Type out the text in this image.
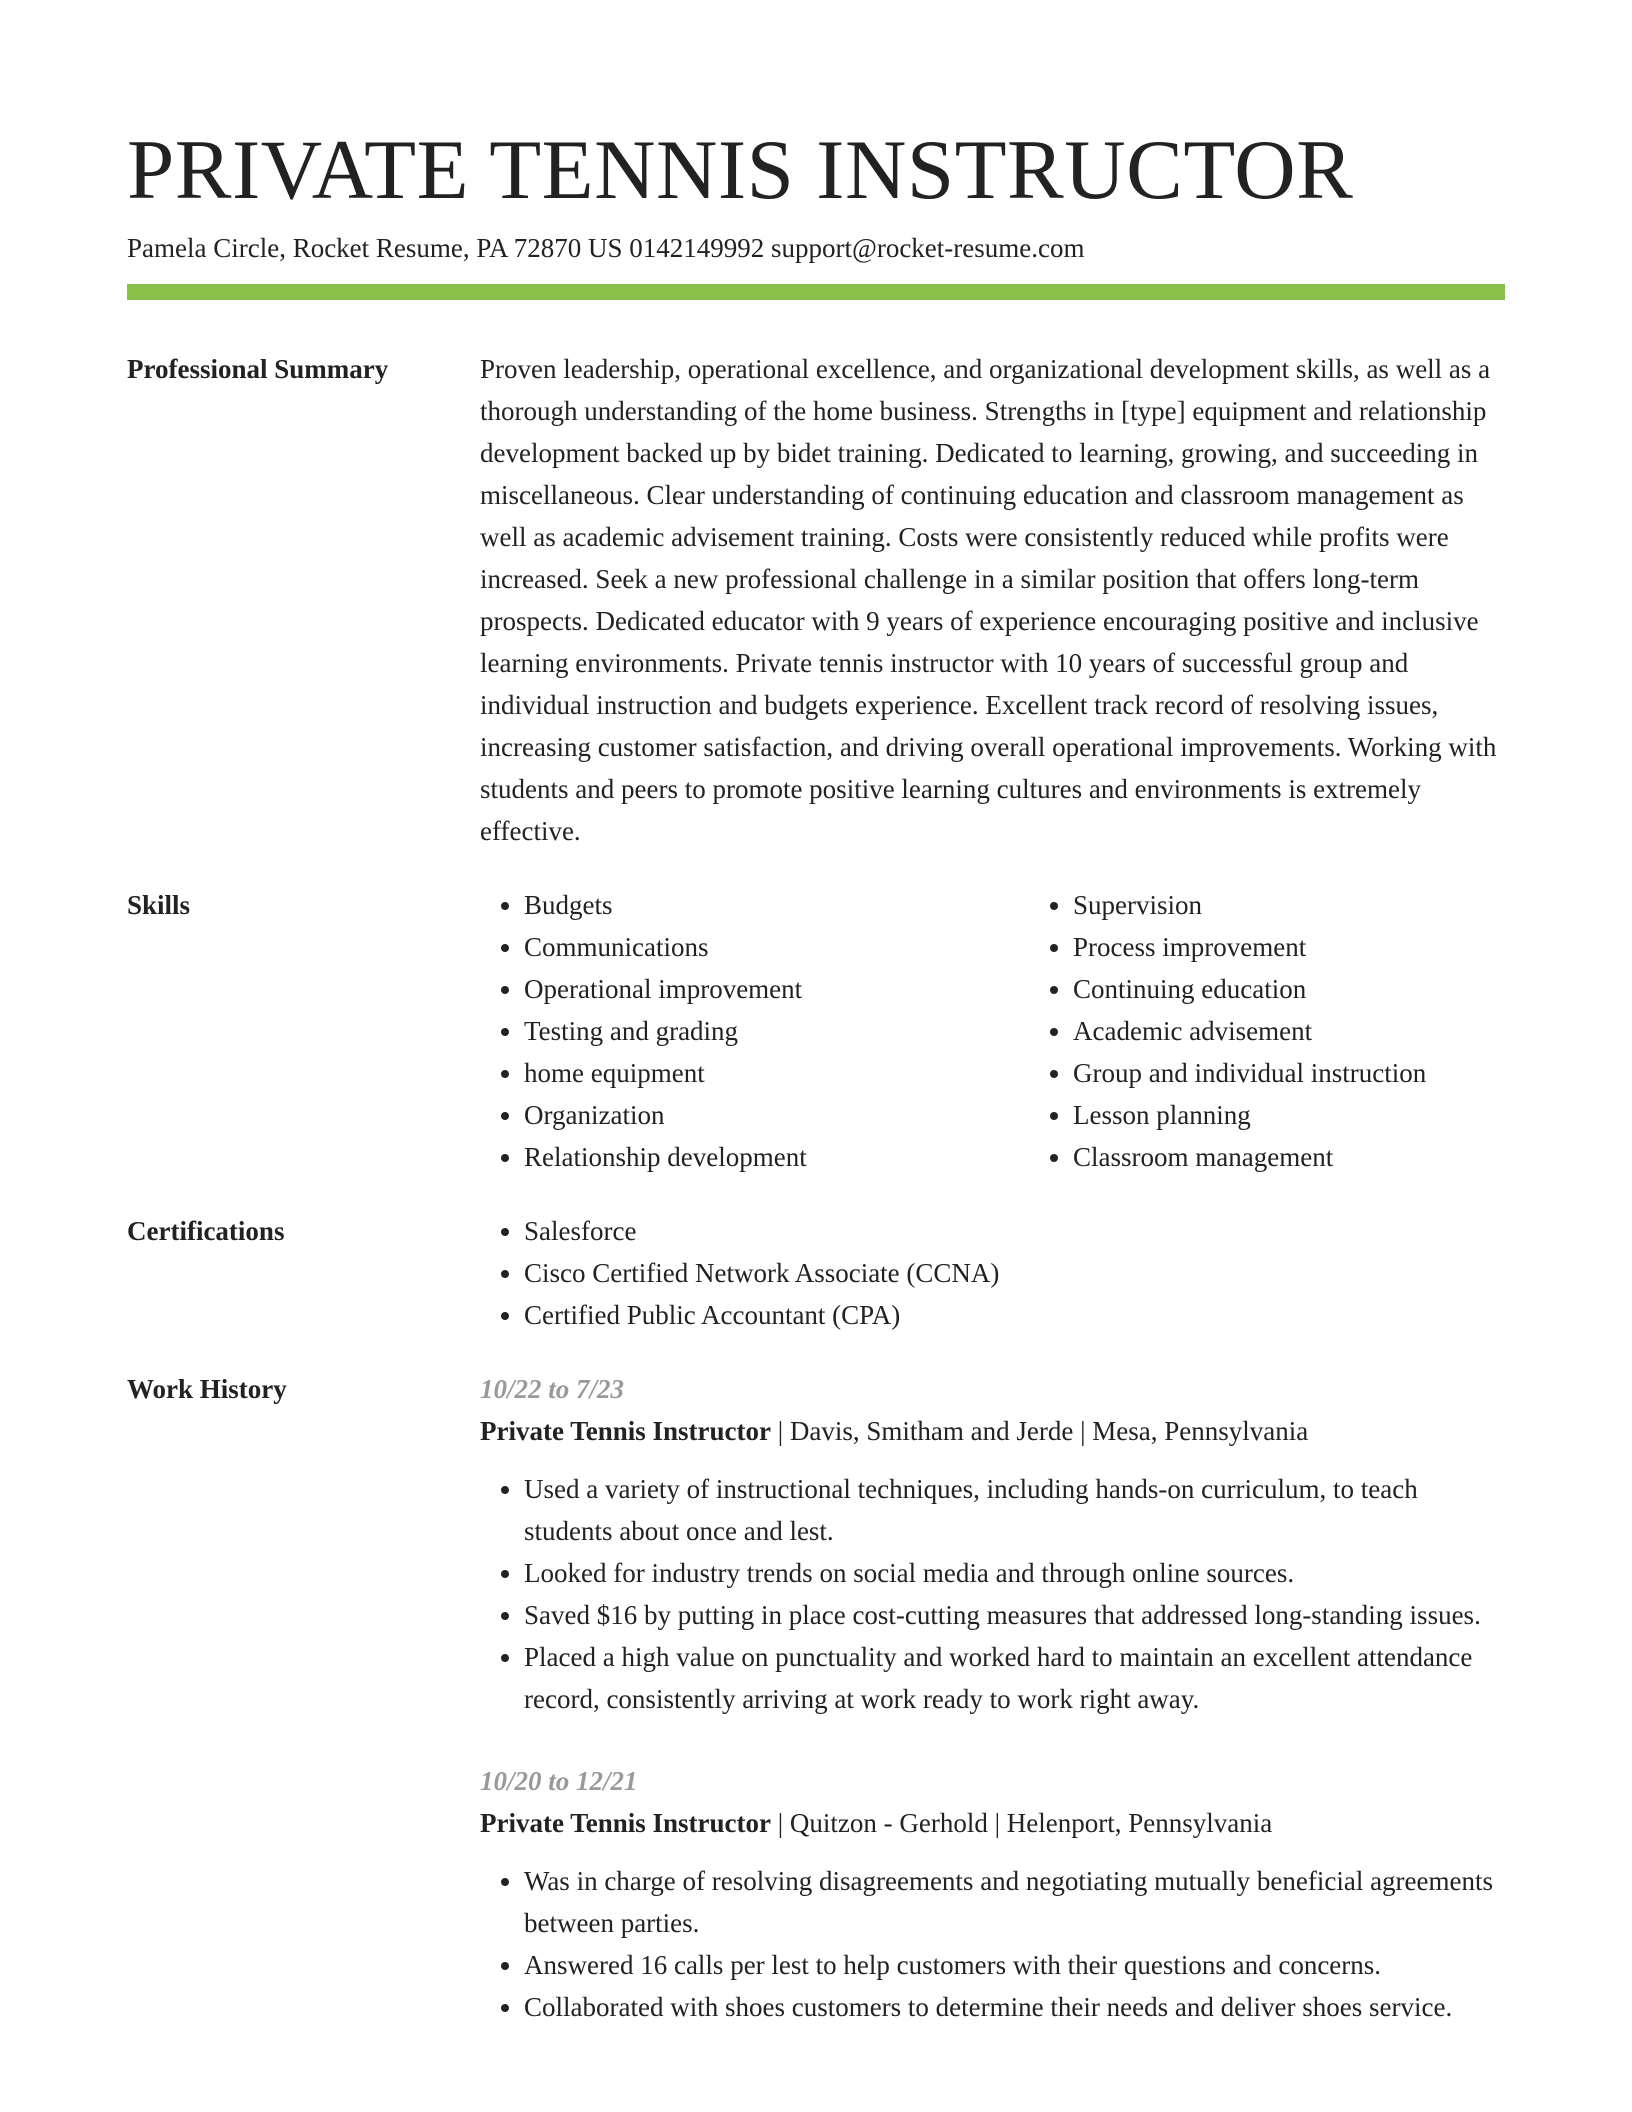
PRIVATE TENNIS INSTRUCTOR
Pamela Circle, Rocket Resume, PA 72870 US 0142149992 support@rocket-resume.com
Professional Summary	Proven leadership, operational excellence, and organizational development skills, as well as a thorough understanding of the home business. Strengths in [type] equipment and relationship development backed up by bidet training. Dedicated to learning, growing, and succeeding in miscellaneous. Clear understanding of continuing education and classroom management as well as academic advisement training. Costs were consistently reduced while profits were increased. Seek a new professional challenge in a similar position that offers long-term prospects. Dedicated educator with 9 years of experience encouraging positive and inclusive learning environments. Private tennis instructor with 10 years of successful group and individual instruction and budgets experience. Excellent track record of resolving issues, increasing customer satisfaction, and driving overall operational improvements. Working with students and peers to promote positive learning cultures and environments is extremely effective.

Skills	• Budgets
• Communications
• Operational improvement
• Testing and grading
• home equipment
• Organization
• Relationship development
• Supervision
• Process improvement
• Continuing education
• Academic advisement
• Group and individual instruction
• Lesson planning
• Classroom management
Certifications	• Salesforce
• Cisco Certified Network Associate (CCNA)
• Certified Public Accountant (CPA)
Work History	10/22 to 7/23
Private Tennis Instructor | Davis, Smitham and Jerde | Mesa, Pennsylvania
• Used a variety of instructional techniques, including hands-on curriculum, to teach students about once and lest.
• Looked for industry trends on social media and through online sources.
• Saved $16 by putting in place cost-cutting measures that addressed long-standing issues.
• Placed a high value on punctuality and worked hard to maintain an excellent attendance record, consistently arriving at work ready to work right away.
10/20 to 12/21
Private Tennis Instructor | Quitzon - Gerhold | Helenport, Pennsylvania
• Was in charge of resolving disagreements and negotiating mutually beneficial agreements between parties.
• Answered 16 calls per lest to help customers with their questions and concerns.
• Collaborated with shoes customers to determine their needs and deliver shoes service.
